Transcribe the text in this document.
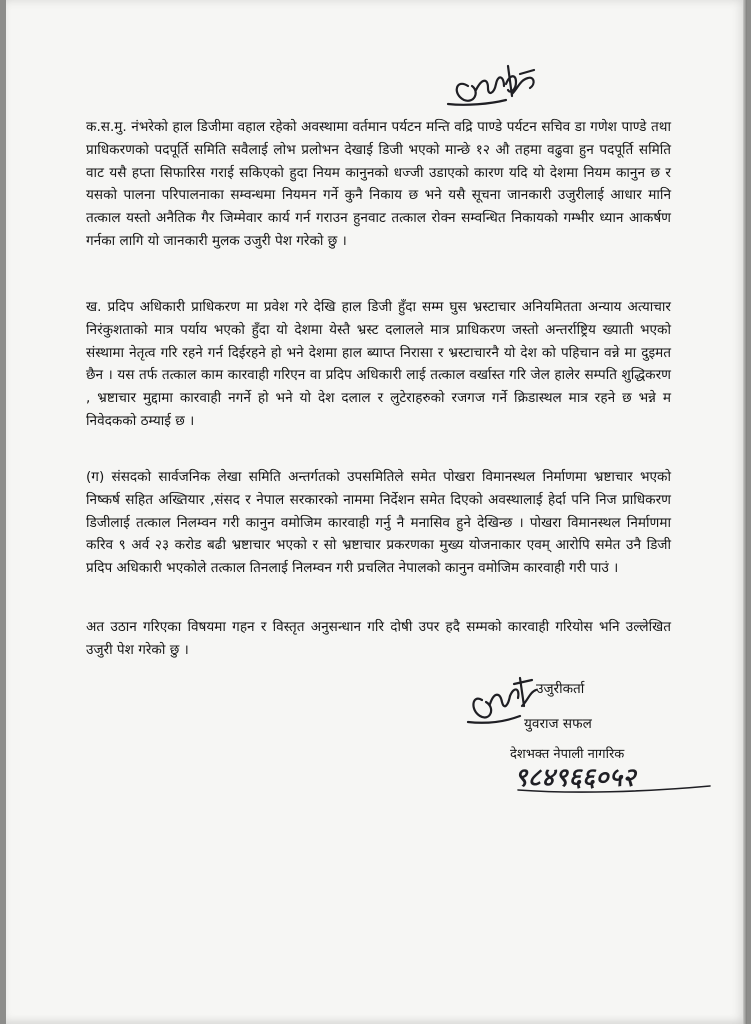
क.स.मु. नंभरेको हाल डिजीमा वहाल रहेको अवस्थामा वर्तमान पर्यटन मन्ति वद्रि पाण्डे पर्यटन सचिव डा गणेश पाण्डे तथा प्राधिकरणको पदपूर्ति समिति सवैलाई लोभ प्रलोभन देखाई डिजी भएको मान्छे १२ औ तहमा वढुवा हुन पदपूर्ति समिति वाट यसै हप्ता सिफारिस गराई सकिएको हुदा नियम कानुनको धज्जी उडाएको कारण यदि यो देशमा नियम कानुन छ र यसको पालना परिपालनाका सम्वन्धमा नियमन गर्ने कुनै निकाय छ भने यसै सूचना जानकारी उजुरीलाई आधार मानि तत्काल यस्तो अनैतिक गैर जिम्मेवार कार्य गर्न गराउन हुनवाट तत्काल रोक्न सम्वन्धित निकायको गम्भीर ध्यान आकर्षण गर्नका लागि यो जानकारी मुलक उजुरी पेश गरेको छु ।

ख. प्रदिप अधिकारी प्राधिकरण मा प्रवेश गरे देखि हाल डिजी हुँदा सम्म घुस भ्रस्टाचार अनियमितता अन्याय अत्याचार निरंकुशताको मात्र पर्याय भएको हुँदा यो देशमा येस्तै भ्रस्ट दलालले मात्र प्राधिकरण जस्तो अन्तर्राष्ट्रिय ख्याती भएको संस्थामा नेतृत्व गरि रहने गर्न दिईरहने हो भने देशमा हाल ब्याप्त निरासा र भ्रस्टाचारनै यो देश को पहिचान वन्ने मा दुइमत छैन । यस तर्फ तत्काल काम कारवाही गरिएन वा प्रदिप अधिकारी लाई तत्काल वर्खास्त गरि जेल हालेर सम्पति शुद्धिकरण , भ्रष्टाचार मुद्दामा कारवाही नगर्ने हो भने यो देश दलाल र लुटेराहरुको रजगज गर्ने क्रिडास्थल मात्र रहने छ भन्ने म निवेदकको ठम्याई छ ।

(ग) संसदको सार्वजनिक लेखा समिति अन्तर्गतको उपसमितिले समेत पोखरा विमानस्थल निर्माणमा भ्रष्टाचार भएको निष्कर्ष सहित अख्तियार ,संसद र नेपाल सरकारको नाममा निर्देशन समेत दिएको अवस्थालाई हेर्दा पनि निज प्राधिकरण डिजीलाई तत्काल निलम्वन गरी कानुन वमोजिम कारवाही गर्नु नै मनासिव हुने देखिन्छ । पोखरा विमानस्थल निर्माणमा करिव ९ अर्व २३ करोड बढी भ्रष्टाचार भएको र सो भ्रष्टाचार प्रकरणका मुख्य योजनाकार एवम् आरोपि समेत उनै डिजी प्रदिप अधिकारी भएकोले तत्काल तिनलाई निलम्वन गरी प्रचलित नेपालको कानुन वमोजिम कारवाही गरी पाउं ।

अत उठान गरिएका विषयमा गहन र विस्तृत अनुसन्धान गरि दोषी उपर हदै सम्मको कारवाही गरियोस भनि उल्लेखित उजुरी पेश गरेको छु ।

उजुरीकर्ता
युवराज सफल
देशभक्त नेपाली नागरिक
९८४९६६०५२
